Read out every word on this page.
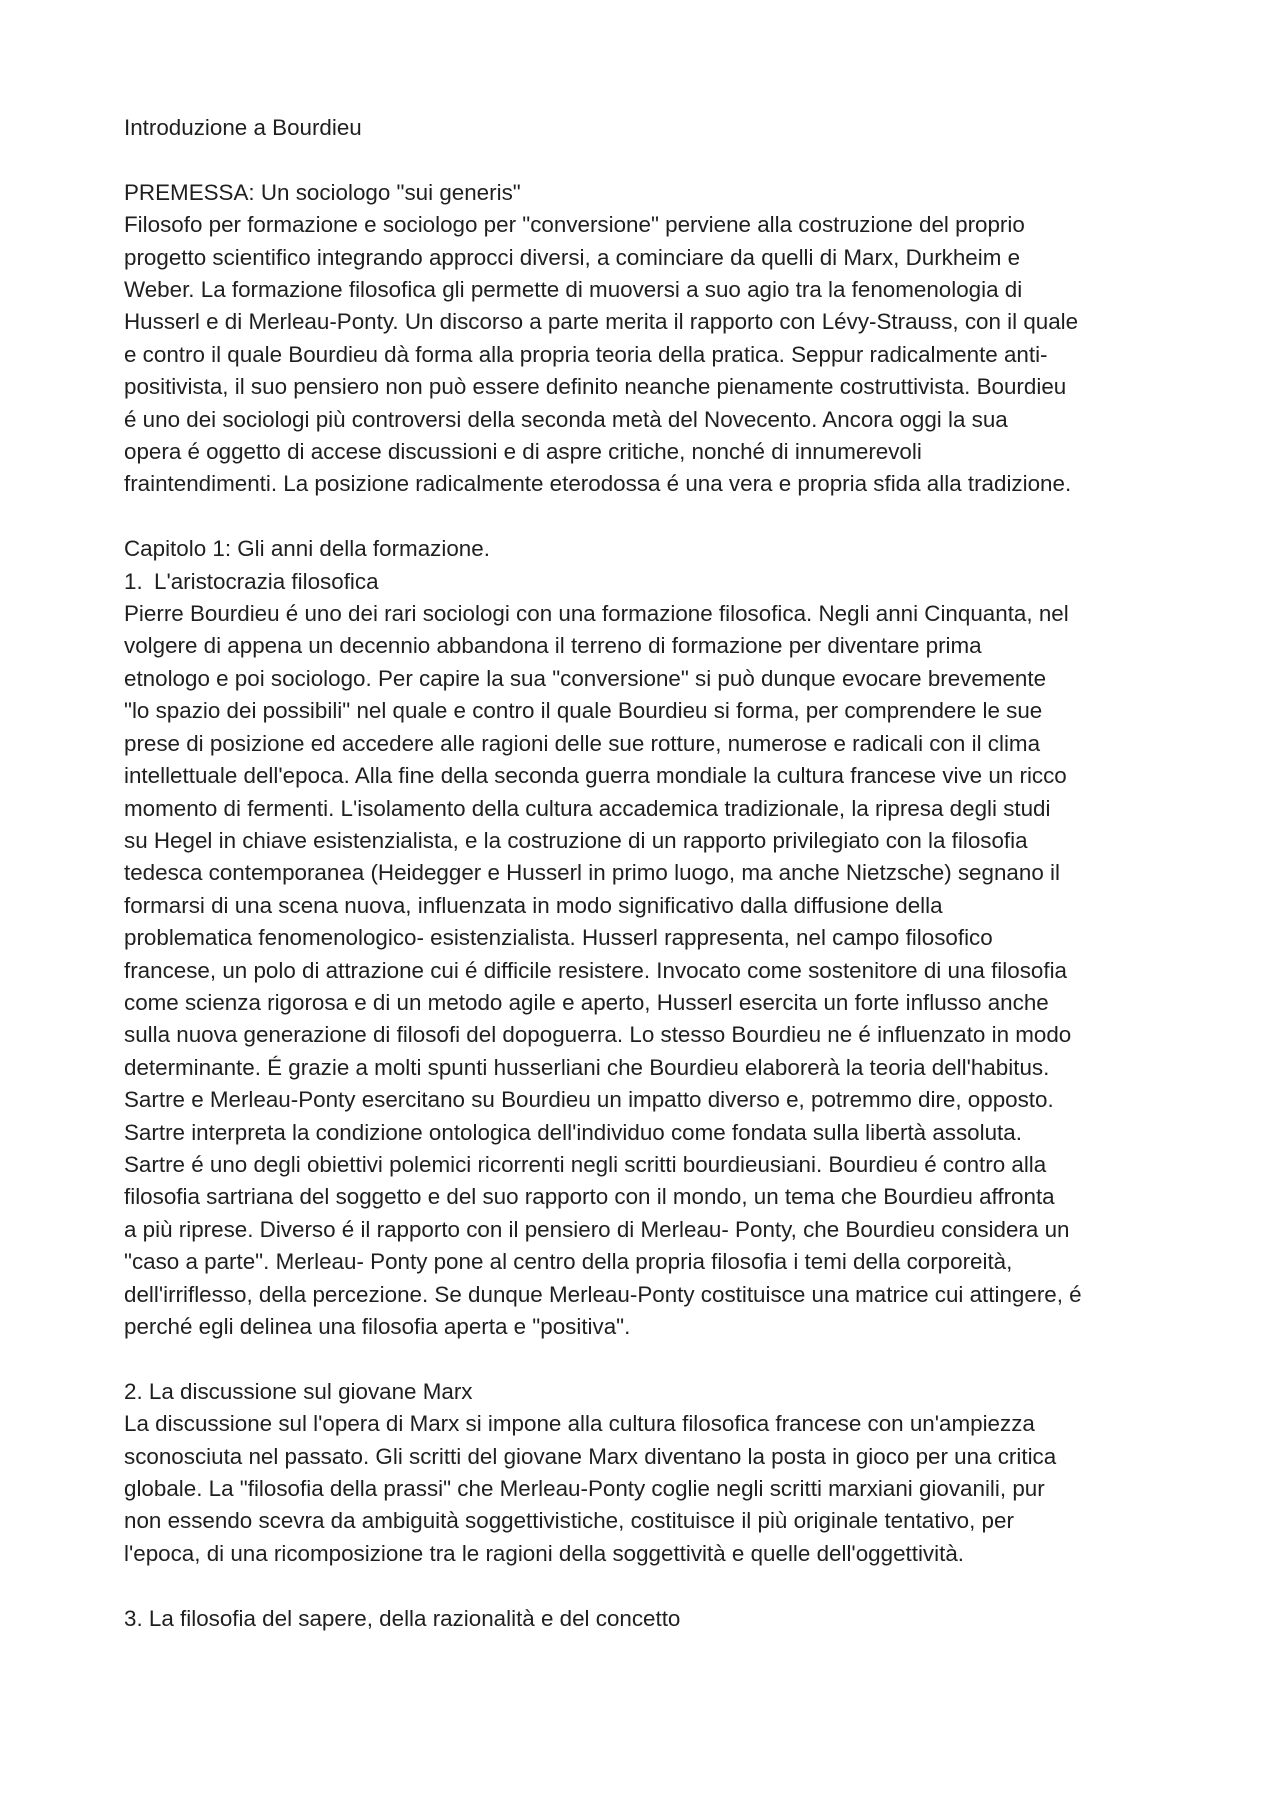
Introduzione a Bourdieu
PREMESSA: Un sociologo "sui generis"
Filosofo per formazione e sociologo per "conversione" perviene alla costruzione del proprio
progetto scientifico integrando approcci diversi, a cominciare da quelli di Marx, Durkheim e
Weber. La formazione filosofica gli permette di muoversi a suo agio tra la fenomenologia di
Husserl e di Merleau-Ponty. Un discorso a parte merita il rapporto con Lévy-Strauss, con il quale
e contro il quale Bourdieu dà forma alla propria teoria della pratica. Seppur radicalmente anti-
positivista, il suo pensiero non può essere definito neanche pienamente costruttivista. Bourdieu
é uno dei sociologi più controversi della seconda metà del Novecento. Ancora oggi la sua
opera é oggetto di accese discussioni e di aspre critiche, nonché di innumerevoli
fraintendimenti. La posizione radicalmente eterodossa é una vera e propria sfida alla tradizione.
Capitolo 1: Gli anni della formazione.
1. L'aristocrazia filosofica
Pierre Bourdieu é uno dei rari sociologi con una formazione filosofica. Negli anni Cinquanta, nel
volgere di appena un decennio abbandona il terreno di formazione per diventare prima
etnologo e poi sociologo. Per capire la sua "conversione" si può dunque evocare brevemente
"lo spazio dei possibili" nel quale e contro il quale Bourdieu si forma, per comprendere le sue
prese di posizione ed accedere alle ragioni delle sue rotture, numerose e radicali con il clima
intellettuale dell'epoca. Alla fine della seconda guerra mondiale la cultura francese vive un ricco
momento di fermenti. L'isolamento della cultura accademica tradizionale, la ripresa degli studi
su Hegel in chiave esistenzialista, e la costruzione di un rapporto privilegiato con la filosofia
tedesca contemporanea (Heidegger e Husserl in primo luogo, ma anche Nietzsche) segnano il
formarsi di una scena nuova, influenzata in modo significativo dalla diffusione della
problematica fenomenologico- esistenzialista. Husserl rappresenta, nel campo filosofico
francese, un polo di attrazione cui é difficile resistere. Invocato come sostenitore di una filosofia
come scienza rigorosa e di un metodo agile e aperto, Husserl esercita un forte influsso anche
sulla nuova generazione di filosofi del dopoguerra. Lo stesso Bourdieu ne é influenzato in modo
determinante. É grazie a molti spunti husserliani che Bourdieu elaborerà la teoria dell'habitus.
Sartre e Merleau-Ponty esercitano su Bourdieu un impatto diverso e, potremmo dire, opposto.
Sartre interpreta la condizione ontologica dell'individuo come fondata sulla libertà assoluta.
Sartre é uno degli obiettivi polemici ricorrenti negli scritti bourdieusiani. Bourdieu é contro alla
filosofia sartriana del soggetto e del suo rapporto con il mondo, un tema che Bourdieu affronta
a più riprese. Diverso é il rapporto con il pensiero di Merleau- Ponty, che Bourdieu considera un
"caso a parte". Merleau- Ponty pone al centro della propria filosofia i temi della corporeità,
dell'irriflesso, della percezione. Se dunque Merleau-Ponty costituisce una matrice cui attingere, é
perché egli delinea una filosofia aperta e "positiva".
2. La discussione sul giovane Marx
La discussione sul l'opera di Marx si impone alla cultura filosofica francese con un'ampiezza
sconosciuta nel passato. Gli scritti del giovane Marx diventano la posta in gioco per una critica
globale. La "filosofia della prassi" che Merleau-Ponty coglie negli scritti marxiani giovanili, pur
non essendo scevra da ambiguità soggettivistiche, costituisce il più originale tentativo, per
l'epoca, di una ricomposizione tra le ragioni della soggettività e quelle dell'oggettività.
3. La filosofia del sapere, della razionalità e del concetto
